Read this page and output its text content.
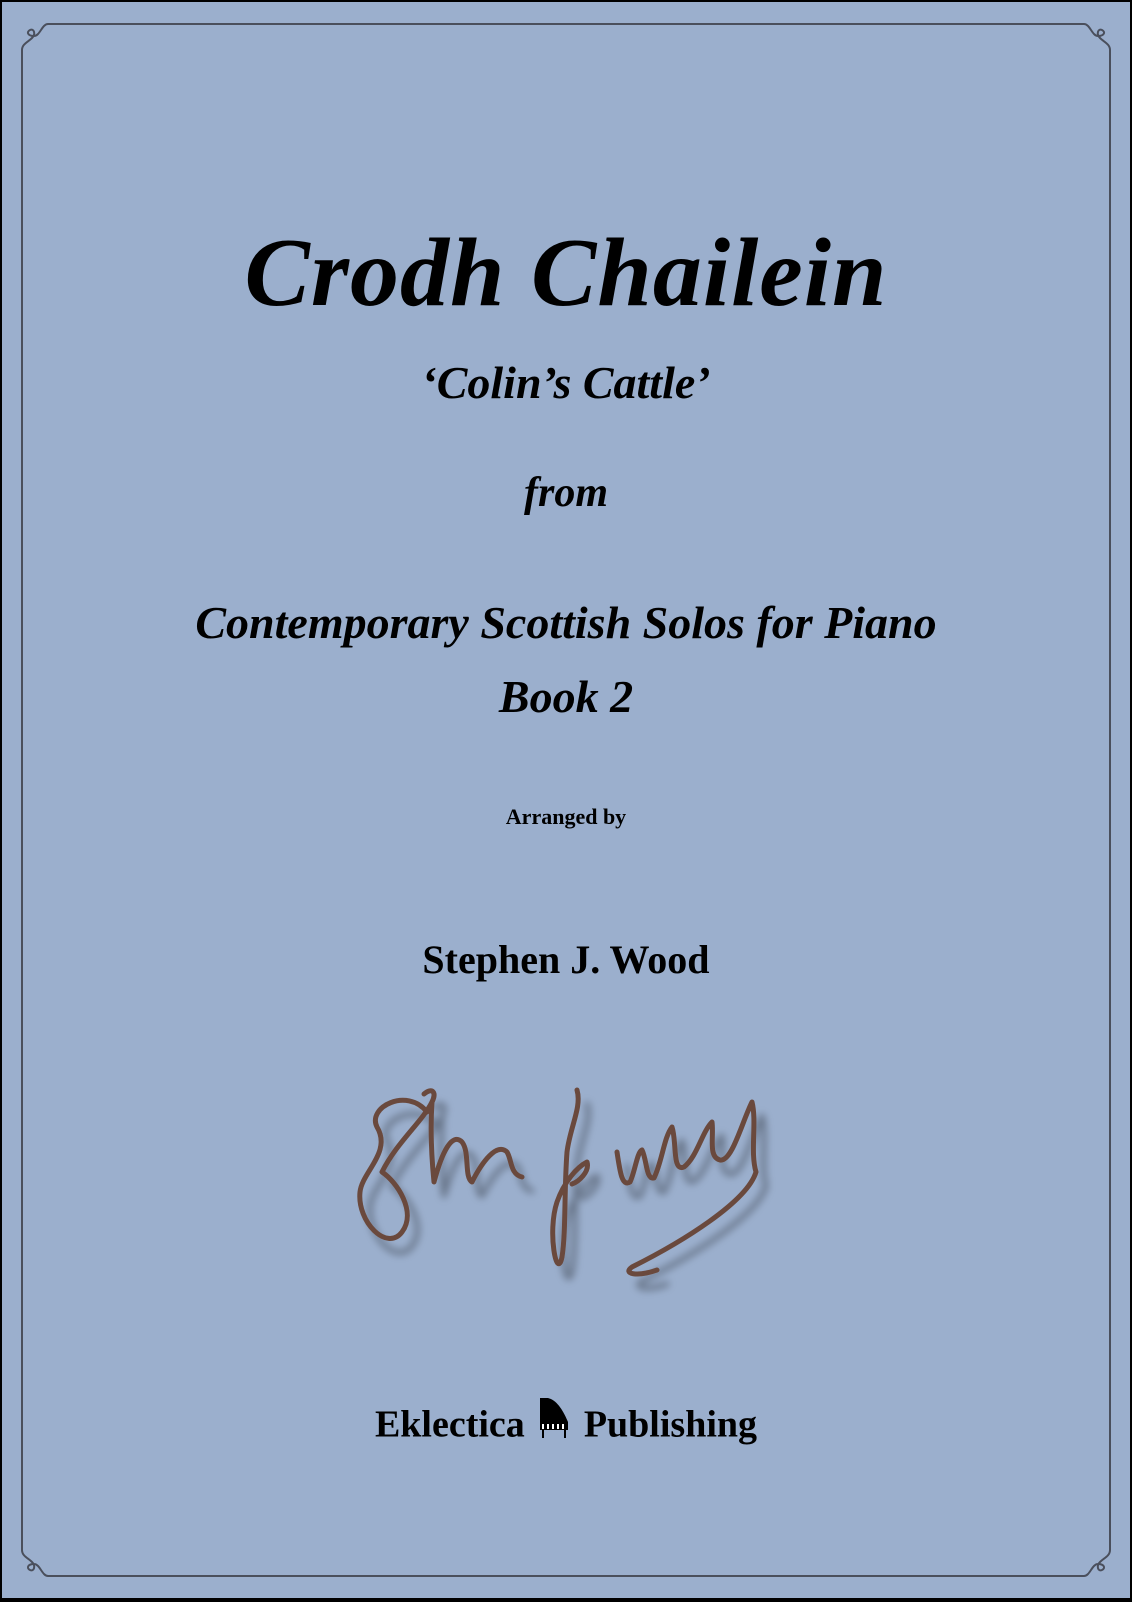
Crodh Chailein
‘Colin’s Cattle’
from
Contemporary Scottish Solos for Piano
Book 2
Arranged by
Stephen J. Wood
Eklectica Publishing
